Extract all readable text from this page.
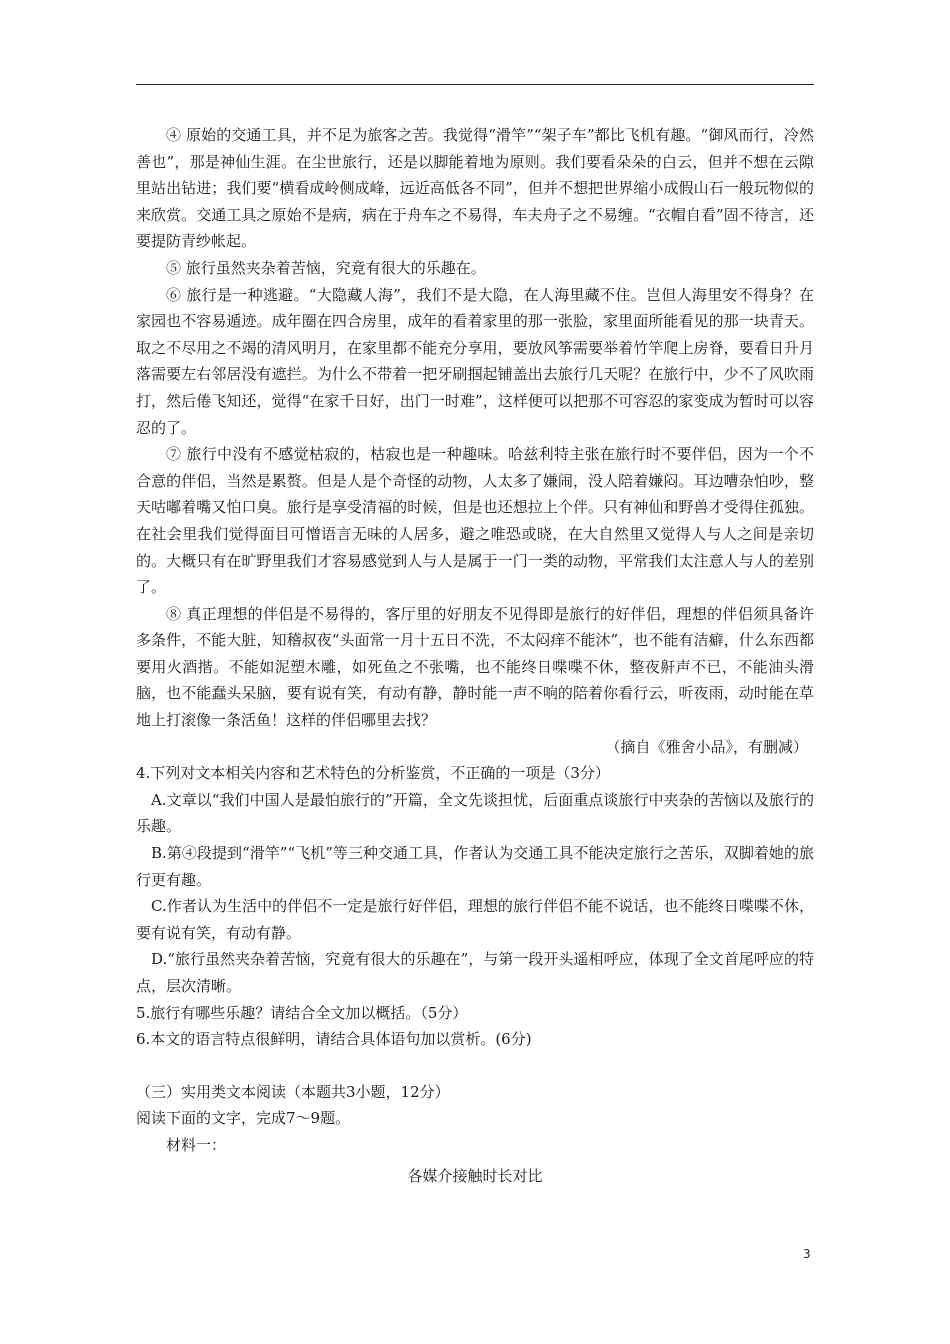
④ 原始的交通工具，并不足为旅客之苦。我觉得“滑竿”“架子车”都比飞机有趣。“御风而行，冷然善也”，那是神仙生涯。在尘世旅行，还是以脚能着地为原则。我们要看朵朵的白云，但并不想在云隙里站出钻进；我们要“横看成岭侧成峰，远近高低各不同”，但并不想把世界缩小成假山石一般玩物似的来欣赏。交通工具之原始不是病，病在于舟车之不易得，车夫舟子之不易缠。“衣帽自看”固不待言，还要提防青纱帐起。

⑤ 旅行虽然夹杂着苦恼，究竟有很大的乐趣在。

⑥ 旅行是一种逃避。“大隐藏人海”，我们不是大隐，在人海里藏不住。岂但人海里安不得身？在家园也不容易遁迹。成年圈在四合房里，成年的看着家里的那一张脸，家里面所能看见的那一块青天。取之不尽用之不竭的清风明月，在家里都不能充分享用，要放风筝需要举着竹竿爬上房脊，要看日升月落需要左右邻居没有遮拦。为什么不带着一把牙刷掴起铺盖出去旅行几天呢？在旅行中，少不了风吹雨打，然后倦飞知还，觉得“在家千日好，出门一时难”，这样便可以把那不可容忍的家变成为暂时可以容忍的了。

⑦ 旅行中没有不感觉枯寂的，枯寂也是一种趣味。哈兹利特主张在旅行时不要伴侣，因为一个不合意的伴侣，当然是累赘。但是人是个奇怪的动物，人太多了嫌闹，没人陪着嫌闷。耳边嘈杂怕吵，整天咕嘟着嘴又怕口臭。旅行是享受清福的时候，但是也还想拉上个伴。只有神仙和野兽才受得住孤独。在社会里我们觉得面目可憎语言无味的人居多，避之唯恐或晓，在大自然里又觉得人与人之间是亲切的。大概只有在旷野里我们才容易感觉到人与人是属于一门一类的动物，平常我们太注意人与人的差别了。

⑧ 真正理想的伴侣是不易得的，客厅里的好朋友不见得即是旅行的好伴侣，理想的伴侣须具备许多条件，不能大脏，知稽叔夜“头面常一月十五日不洗，不太闷痒不能沐”，也不能有洁癖，什么东西都要用火酒揩。不能如泥塑木雕，如死鱼之不张嘴，也不能终日喋喋不休，整夜鼾声不已，不能油头滑脑，也不能蠢头呆脑，要有说有笑，有动有静，静时能一声不响的陪着你看行云，听夜雨，动时能在草地上打滚像一条活鱼！这样的伴侣哪里去找？

（摘自《雅舍小品》，有删减）

4.下列对文本相关内容和艺术特色的分析鉴赏，不正确的一项是（3分）

A.文章以“我们中国人是最怕旅行的”开篇，全文先谈担忧，后面重点谈旅行中夹杂的苦恼以及旅行的乐趣。

B.第④段提到“滑竿”“飞机”等三种交通工具，作者认为交通工具不能决定旅行之苦乐，双脚着她的旅行更有趣。

C.作者认为生活中的伴侣不一定是旅行好伴侣，理想的旅行伴侣不能不说话，也不能终日喋喋不休，要有说有笑，有动有静。

D.“旅行虽然夹杂着苦恼，究竟有很大的乐趣在”，与第一段开头遥相呼应，体现了全文首尾呼应的特点，层次清晰。

5.旅行有哪些乐趣？请结合全文加以概括。（5分）

6.本文的语言特点很鲜明，请结合具体语句加以赏析。(6分)

（三）实用类文本阅读（本题共3小题，12分）

阅读下面的文字，完成7～9题。

材料一：

各媒介接触时长对比

3
